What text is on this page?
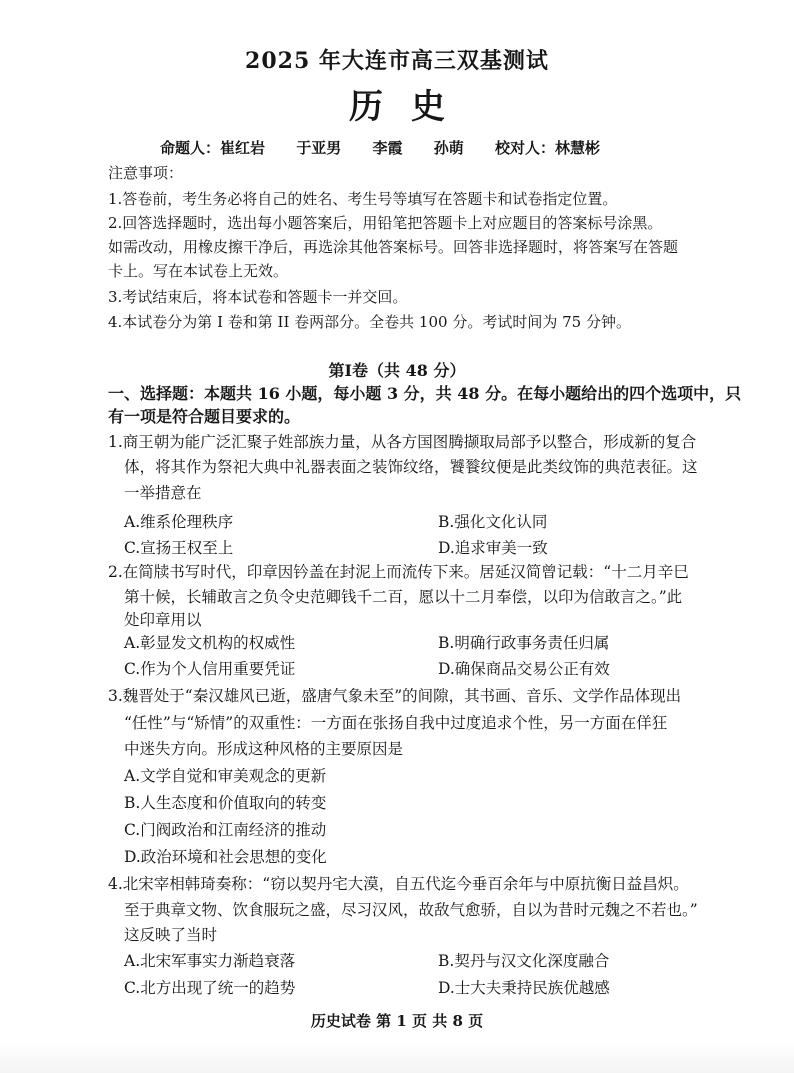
2025 年大连市高三双基测试
历史
命题人：崔红岩 于亚男 李霞 孙萌 校对人：林慧彬
注意事项：
1.答卷前，考生务必将自己的姓名、考生号等填写在答题卡和试卷指定位置。
2.回答选择题时，选出每小题答案后，用铅笔把答题卡上对应题目的答案标号涂黑。
如需改动，用橡皮擦干净后，再选涂其他答案标号。回答非选择题时，将答案写在答题
卡上。写在本试卷上无效。
3.考试结束后，将本试卷和答题卡一并交回。
4.本试卷分为第 I 卷和第 II 卷两部分。全卷共 100 分。考试时间为 75 分钟。
第Ⅰ卷（共 48 分）
一、选择题：本题共 16 小题，每小题 3 分，共 48 分。在每小题给出的四个选项中，只
有一项是符合题目要求的。
1.商王朝为能广泛汇聚子姓部族力量，从各方国图腾撷取局部予以整合，形成新的复合
体，将其作为祭祀大典中礼器表面之装饰纹络，饕餮纹便是此类纹饰的典范表征。这
一举措意在
A.维系伦理秩序	B.强化文化认同
C.宣扬王权至上	D.追求审美一致
2.在简牍书写时代，印章因钤盖在封泥上而流传下来。居延汉简曾记载：“十二月辛巳
第十候，长辅敢言之负令史范卿钱千二百，愿以十二月奉偿，以印为信敢言之。”此
处印章用以
A.彰显发文机构的权威性	B.明确行政事务责任归属
C.作为个人信用重要凭证	D.确保商品交易公正有效
3.魏晋处于“秦汉雄风已逝，盛唐气象未至”的间隙，其书画、音乐、文学作品体现出
“任性”与“矫情”的双重性：一方面在张扬自我中过度追求个性，另一方面在佯狂
中迷失方向。形成这种风格的主要原因是
A.文学自觉和审美观念的更新
B.人生态度和价值取向的转变
C.门阀政治和江南经济的推动
D.政治环境和社会思想的变化
4.北宋宰相韩琦奏称：“窃以契丹宅大漠，自五代迄今垂百余年与中原抗衡日益昌炽。
至于典章文物、饮食服玩之盛，尽习汉风，故敌气愈骄，自以为昔时元魏之不若也。”
这反映了当时
A.北宋军事实力渐趋衰落	B.契丹与汉文化深度融合
C.北方出现了统一的趋势	D.士大夫秉持民族优越感
历史试卷 第 1 页 共 8 页
